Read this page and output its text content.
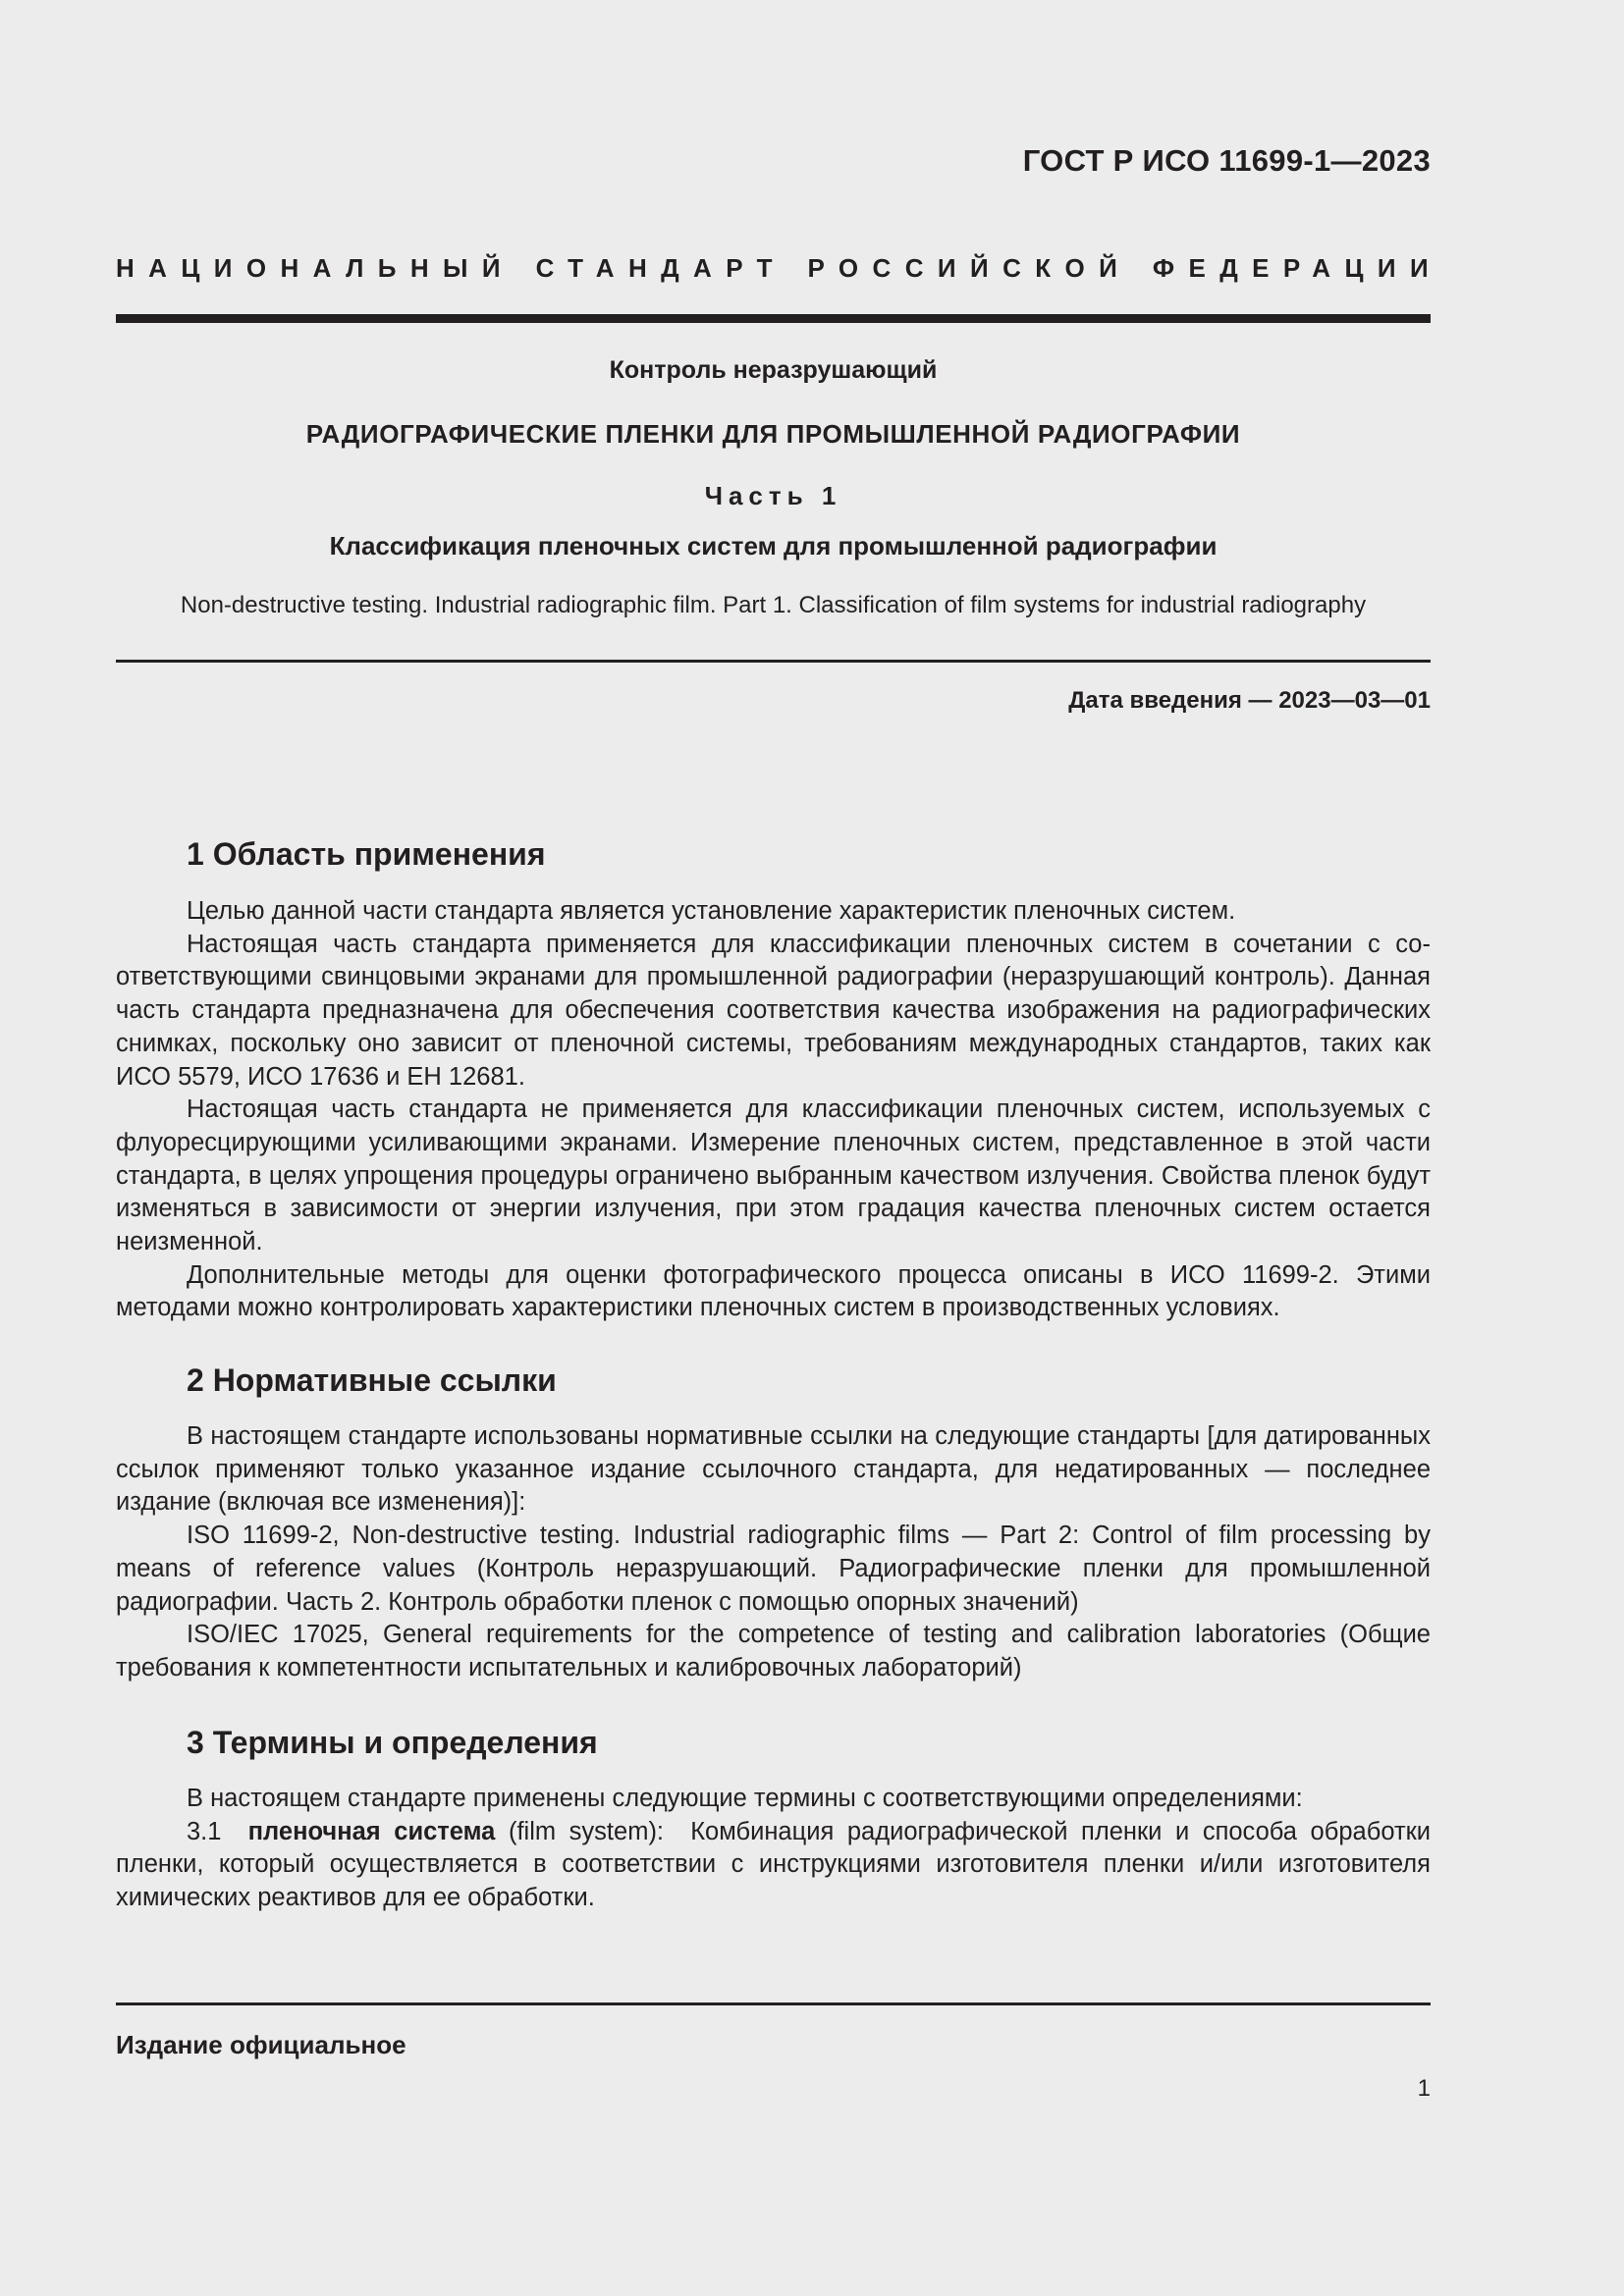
ГОСТ Р ИСО 11699-1—2023
НАЦИОНАЛЬНЫЙ СТАНДАРТ РОССИЙСКОЙ ФЕДЕРАЦИИ
Контроль неразрушающий
РАДИОГРАФИЧЕСКИЕ ПЛЕНКИ ДЛЯ ПРОМЫШЛЕННОЙ РАДИОГРАФИИ
Часть 1
Классификация пленочных систем для промышленной радиографии
Non-destructive testing. Industrial radiographic film. Part 1. Classification of film systems for industrial radiography
Дата введения — 2023—03—01
1 Область применения

Целью данной части стандарта является установление характеристик пленочных систем.

Настоящая часть стандарта применяется для классификации пленочных систем в сочетании с соответствующими свинцовыми экранами для промышленной радиографии (неразрушающий контроль). Данная часть стандарта предназначена для обеспечения соответствия качества изображения на радиографических снимках, поскольку оно зависит от пленочной системы, требованиям международных стандартов, таких как ИСО 5579, ИСО 17636 и ЕН 12681.

Настоящая часть стандарта не применяется для классификации пленочных систем, используемых с флуоресцирующими усиливающими экранами. Измерение пленочных систем, представленное в этой части стандарта, в целях упрощения процедуры ограничено выбранным качеством излучения. Свойства пленок будут изменяться в зависимости от энергии излучения, при этом градация качества пленочных систем остается неизменной.

Дополнительные методы для оценки фотографического процесса описаны в ИСО 11699-2. Этими методами можно контролировать характеристики пленочных систем в производственных условиях.

2 Нормативные ссылки

В настоящем стандарте использованы нормативные ссылки на следующие стандарты [для датированных ссылок применяют только указанное издание ссылочного стандарта, для недатированных — последнее издание (включая все изменения)]:

ISO 11699-2, Non-destructive testing. Industrial radiographic films — Part 2: Control of film processing by means of reference values (Контроль неразрушающий. Радиографические пленки для промышленной радиографии. Часть 2. Контроль обработки пленок с помощью опорных значений)

ISO/IEC 17025, General requirements for the competence of testing and calibration laboratories (Общие требования к компетентности испытательных и калибровочных лабораторий)

3 Термины и определения

В настоящем стандарте применены следующие термины с соответствующими определениями:

3.1 пленочная система (film system): Комбинация радиографической пленки и способа обработки пленки, который осуществляется в соответствии с инструкциями изготовителя пленки и/или изготовителя химических реактивов для ее обработки.

Издание официальное
1
